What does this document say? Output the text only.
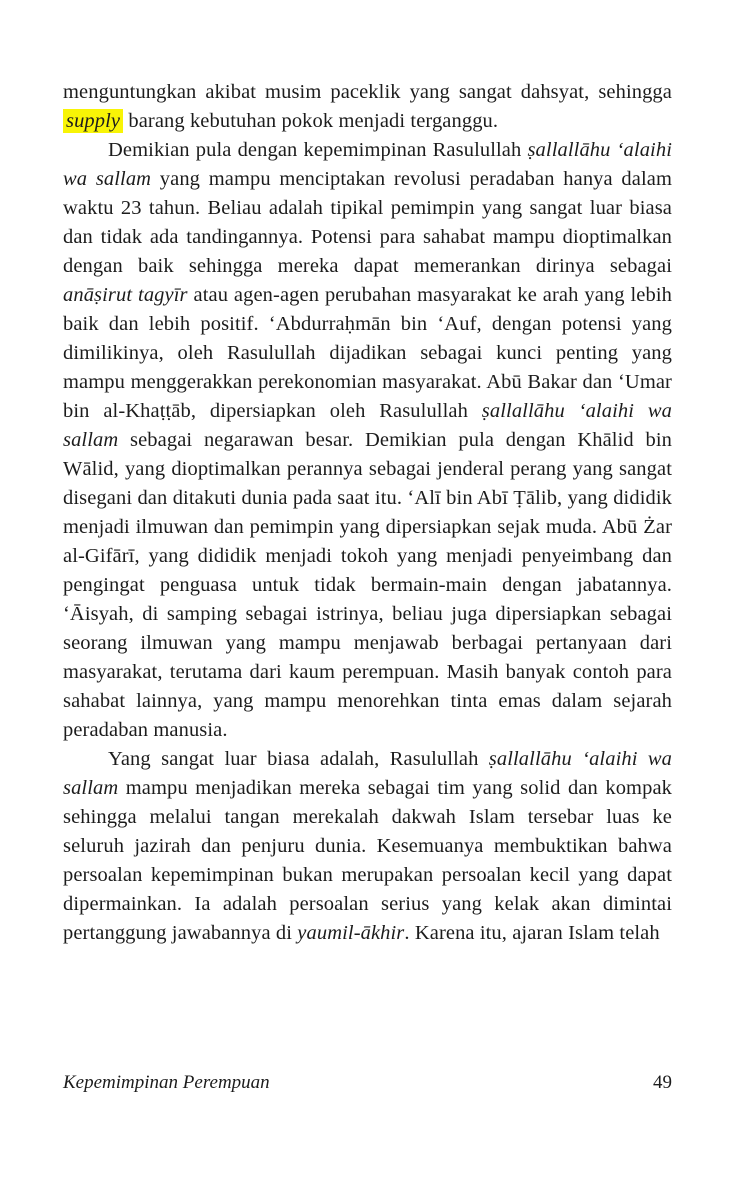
menguntungkan akibat musim paceklik yang sangat dahsyat, sehingga supply barang kebutuhan pokok menjadi terganggu.

Demikian pula dengan kepemimpinan Rasulullah ṣallallāhu ‘alaihi wa sallam yang mampu menciptakan revolusi peradaban hanya dalam waktu 23 tahun. Beliau adalah tipikal pemimpin yang sangat luar biasa dan tidak ada tandingannya. Potensi para sahabat mampu dioptimalkan dengan baik sehingga mereka dapat memerankan dirinya sebagai anāṣirut tagyīr atau agen-agen perubahan masyarakat ke arah yang lebih baik dan lebih positif. ‘Abdurraḥmān bin ‘Auf, dengan potensi yang dimilikinya, oleh Rasulullah dijadikan sebagai kunci penting yang mampu menggerakkan perekonomian masyarakat. Abū Bakar dan ‘Umar bin al-Khaṭṭāb, dipersiapkan oleh Rasulullah ṣallallāhu ‘alaihi wa sallam sebagai negarawan besar. Demikian pula dengan Khālid bin Wālid, yang dioptimalkan perannya sebagai jenderal perang yang sangat disegani dan ditakuti dunia pada saat itu. ‘Alī bin Abī Ṭālib, yang dididik menjadi ilmuwan dan pemimpin yang dipersiapkan sejak muda. Abū Żar al-Gifārī, yang dididik menjadi tokoh yang menjadi penyeimbang dan pengingat penguasa untuk tidak bermain-main dengan jabatannya. ‘Āisyah, di samping sebagai istrinya, beliau juga dipersiapkan sebagai seorang ilmuwan yang mampu menjawab berbagai pertanyaan dari masyarakat, terutama dari kaum perempuan. Masih banyak contoh para sahabat lainnya, yang mampu menorehkan tinta emas dalam sejarah peradaban manusia.

Yang sangat luar biasa adalah, Rasulullah ṣallallāhu ‘alaihi wa sallam mampu menjadikan mereka sebagai tim yang solid dan kompak sehingga melalui tangan merekalah dakwah Islam tersebar luas ke seluruh jazirah dan penjuru dunia. Kesemuanya membuktikan bahwa persoalan kepemimpinan bukan merupakan persoalan kecil yang dapat dipermainkan. Ia adalah persoalan serius yang kelak akan dimintai pertanggung jawabannya di yaumil-ākhir. Karena itu, ajaran Islam telah

Kepemimpinan Perempuan	49
